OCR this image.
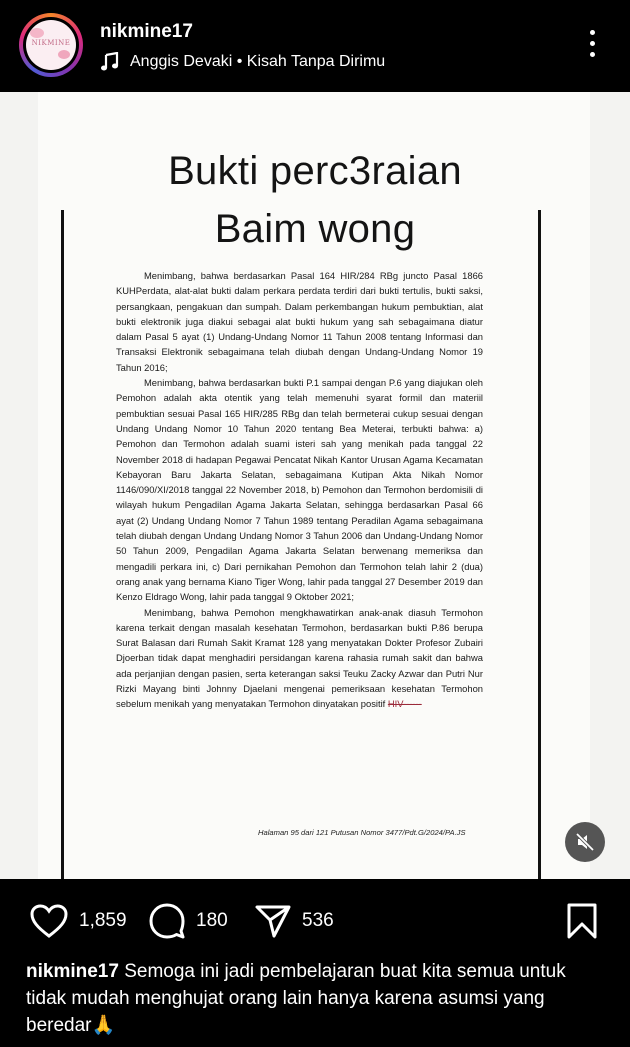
NIKMINE
nikmine17
Anggis Devaki • Kisah Tanpa Dirimu
Bukti perc3raian
Baim wong

Menimbang, bahwa berdasarkan Pasal 164 HIR/284 RBg juncto Pasal 1866 KUHPerdata, alat-alat bukti dalam perkara perdata terdiri dari bukti tertulis, bukti saksi, persangkaan, pengakuan dan sumpah. Dalam perkembangan hukum pembuktian, alat bukti elektronik juga diakui sebagai alat bukti hukum yang sah sebagaimana diatur dalam Pasal 5 ayat (1) Undang-Undang Nomor 11 Tahun 2008 tentang Informasi dan Transaksi Elektronik sebagaimana telah diubah dengan Undang-Undang Nomor 19 Tahun 2016;

Menimbang, bahwa berdasarkan bukti P.1 sampai dengan P.6 yang diajukan oleh Pemohon adalah akta otentik yang telah memenuhi syarat formil dan materiil pembuktian sesuai Pasal 165 HIR/285 RBg dan telah bermeterai cukup sesuai dengan Undang Undang Nomor 10 Tahun 2020 tentang Bea Meterai, terbukti bahwa: a) Pemohon dan Termohon adalah suami isteri sah yang menikah pada tanggal 22 November 2018 di hadapan Pegawai Pencatat Nikah Kantor Urusan Agama Kecamatan Kebayoran Baru Jakarta Selatan, sebagaimana Kutipan Akta Nikah Nomor 1146/090/XI/2018 tanggal 22 November 2018, b) Pemohon dan Termohon berdomisili di wilayah hukum Pengadilan Agama Jakarta Selatan, sehingga berdasarkan Pasal 66 ayat (2) Undang Undang Nomor 7 Tahun 1989 tentang Peradilan Agama sebagaimana telah diubah dengan Undang Undang Nomor 3 Tahun 2006 dan Undang-Undang Nomor 50 Tahun 2009, Pengadilan Agama Jakarta Selatan berwenang memeriksa dan mengadili perkara ini, c) Dari pernikahan Pemohon dan Termohon telah lahir 2 (dua) orang anak yang bernama Kiano Tiger Wong, lahir pada tanggal 27 Desember 2019 dan Kenzo Eldrago Wong, lahir pada tanggal 9 Oktober 2021;

Menimbang, bahwa Pemohon mengkhawatirkan anak-anak diasuh Termohon karena terkait dengan masalah kesehatan Termohon, berdasarkan bukti P.86 berupa Surat Balasan dari Rumah Sakit Kramat 128 yang menyatakan Dokter Profesor Zubairi Djoerban tidak dapat menghadiri persidangan karena rahasia rumah sakit dan bahwa ada perjanjian dengan pasien, serta keterangan saksi Teuku Zacky Azwar dan Putri Nur Rizki Mayang binti Johnny Djaelani mengenai pemeriksaan kesehatan Termohon sebelum menikah yang menyatakan Termohon dinyatakan positif HIV------

Halaman 95 dari 121 Putusan Nomor 3477/Pdt.G/2024/PA.JS
1,859	180	536
nikmine17 Semoga ini jadi pembelajaran buat kita semua untuk tidak mudah menghujat orang lain hanya karena asumsi yang beredar🙏
